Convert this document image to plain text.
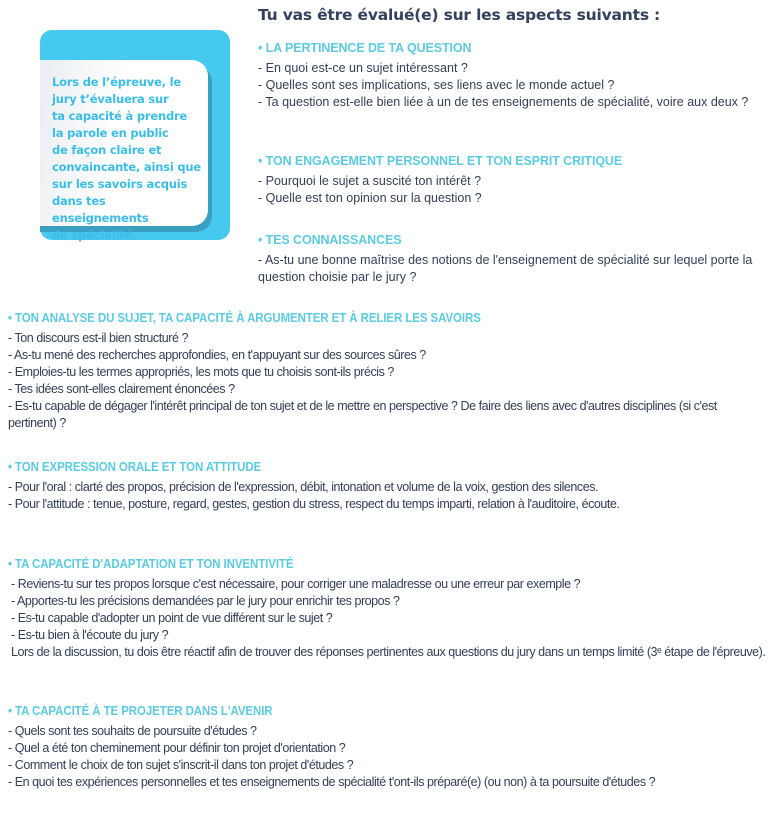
Lors de l’épreuve, le
jury t’évaluera sur
ta capacité à prendre
la parole en public
de façon claire et
convaincante, ainsi que
sur les savoirs acquis
dans tes enseignements
de spécialité.

Tu vas être évalué(e) sur les aspects suivants :

• LA PERTINENCE DE TA QUESTION

- En quoi est-ce un sujet intéressant ?

- Quelles sont ses implications, ses liens avec le monde actuel ?

- Ta question est-elle bien liée à un de tes enseignements de spécialité, voire aux deux ?

• TON ENGAGEMENT PERSONNEL ET TON ESPRIT CRITIQUE

- Pourquoi le sujet a suscité ton intérêt ?

- Quelle est ton opinion sur la question ?

• TES CONNAISSANCES

- As-tu une bonne maîtrise des notions de l'enseignement de spécialité sur lequel porte la question choisie par le jury ?

• TON ANALYSE DU SUJET, TA CAPACITÉ À ARGUMENTER ET À RELIER LES SAVOIRS

- Ton discours est-il bien structuré ?

- As-tu mené des recherches approfondies, en t'appuyant sur des sources sûres ?

- Emploies-tu les termes appropriés, les mots que tu choisis sont-ils précis ?

- Tes idées sont-elles clairement énoncées ?

- Es-tu capable de dégager l'intérêt principal de ton sujet et de le mettre en perspective ? De faire des liens avec d'autres disciplines (si c'est pertinent) ?

• TON EXPRESSION ORALE ET TON ATTITUDE

- Pour l'oral : clarté des propos, précision de l'expression, débit, intonation et volume de la voix, gestion des silences.

- Pour l'attitude : tenue, posture, regard, gestes, gestion du stress, respect du temps imparti, relation à l'auditoire, écoute.

• TA CAPACITÉ D'ADAPTATION ET TON INVENTIVITÉ

- Reviens-tu sur tes propos lorsque c'est nécessaire, pour corriger une maladresse ou une erreur par exemple ?

- Apportes-tu les précisions demandées par le jury pour enrichir tes propos ?

- Es-tu capable d'adopter un point de vue différent sur le sujet ?

- Es-tu bien à l'écoute du jury ?

Lors de la discussion, tu dois être réactif afin de trouver des réponses pertinentes aux questions du jury dans un temps limité (3ᵉ étape de l'épreuve).

• TA CAPACITÉ À TE PROJETER DANS L'AVENIR

- Quels sont tes souhaits de poursuite d'études ?

- Quel a été ton cheminement pour définir ton projet d'orientation ?

- Comment le choix de ton sujet s'inscrit-il dans ton projet d'études ?

- En quoi tes expériences personnelles et tes enseignements de spécialité t'ont-ils préparé(e) (ou non) à ta poursuite d'études ?
